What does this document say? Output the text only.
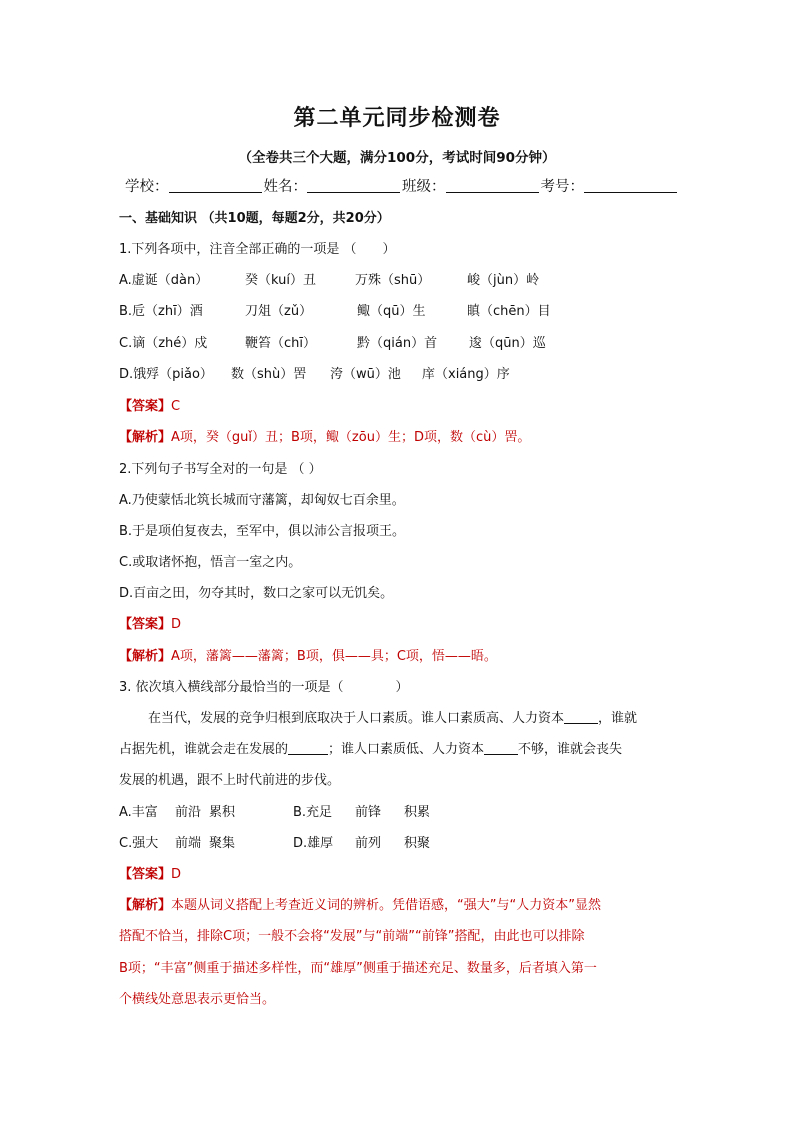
第二单元同步检测卷
（全卷共三个大题，满分100分，考试时间90分钟）
学校：	姓名：	班级：	考号：
一、基础知识 （共10题，每题2分，共20分）
1.下列各项中，注音全部正确的一项是 （　　）
A.虚诞（dàn）	癸（kuí）丑	万殊（shū）	峻（jùn）岭
B.卮（zhī）酒	刀俎（zǔ）	鲰（qū）生	瞋（chēn）目
C.谪（zhé）戍	鞭笞（chī）	黔（qián）首 逡（qūn）巡
D.饿殍（piǎo） 数（shù）罟 洿（wū）池 庠（xiáng）序
【答案】C
【解析】A项，癸（guǐ）丑；B项，鲰（zōu）生；D项，数（cù）罟。
2.下列句子书写全对的一句是 （ ）
A.乃使蒙恬北筑长城而守藩篱，却匈奴七百余里。
B.于是项伯复夜去，至军中，俱以沛公言报项王。
C.或取诸怀抱，悟言一室之内。
D.百亩之田，勿夺其时，数口之家可以无饥矣。
【答案】D
【解析】A项，藩篱——藩篱；B项，俱——具；C项，悟——晤。
3. 依次填入横线部分最恰当的一项是（　　　　）
在当代，发展的竞争归根到底取决于人口素质。谁人口素质高、人力资本	，谁就
占据先机，谁就会走在发展的	；谁人口素质低、人力资本	不够，谁就会丧失
发展的机遇，跟不上时代前进的步伐。
A.丰富 前沿 累积	B.充足 前锋 积累
C.强大 前端 聚集	D.雄厚 前列 积聚
【答案】D
【解析】本题从词义搭配上考查近义词的辨析。凭借语感，“强大”与“人力资本”显然
搭配不恰当，排除C项；一般不会将“发展”与“前端”“前锋”搭配，由此也可以排除
B项；“丰富”侧重于描述多样性，而“雄厚”侧重于描述充足、数量多，后者填入第一
个横线处意思表示更恰当。
